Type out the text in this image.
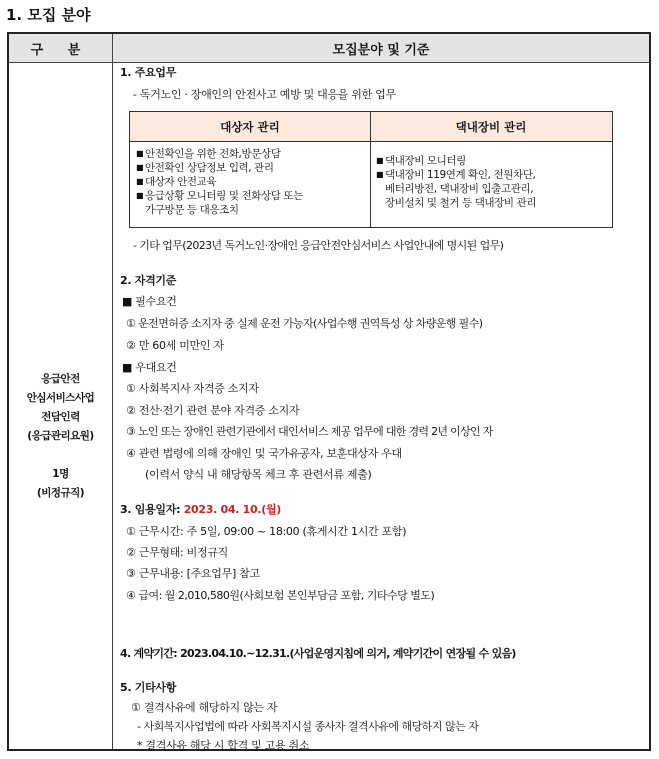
1. 모집 분야
구 분	모집분야 및 기준
응급안전
안심서비스사업
전담인력
(응급관리요원)
1명
(비정규직)
1. 주요업무
- 독거노인 · 장애인의 안전사고 예방 및 대응을 위한 업무
대상자 관리	댁내장비 관리
■ 안전확인을 위한 전화,방문상담
■ 안전확인 상담정보 입력, 관리
■ 대상자 안전교육
■ 응급상황 모니터링 및 전화상담 또는
가구방문 등 대응조치
■ 댁내장비 모니터링
■ 댁내장비 119연계 확인, 전원차단,
베터리방전, 댁내장비 입출고관리,
장비설치 및 철거 등 댁내장비 관리
- 기타 업무(2023년 독거노인·장애인 응급안전안심서비스 사업안내에 명시된 업무)
2. 자격기준
■ 필수요건
① 운전면허증 소지자 중 실제 운전 가능자(사업수행 권역특성 상 차량운행 필수)
② 만 60세 미만인 자
■ 우대요건
① 사회복지사 자격증 소지자
② 전산·전기 관련 분야 자격증 소지자
③ 노인 또는 장애인 관련기관에서 대인서비스 제공 업무에 대한 경력 2년 이상인 자
④ 관련 법령에 의해 장애인 및 국가유공자, 보훈대상자 우대
(이력서 양식 내 해당항목 체크 후 관련서류 제출)
3. 임용일자: 2023. 04. 10.(월)
① 근무시간: 주 5일, 09:00 ~ 18:00 (휴게시간 1시간 포함)
② 근무형태: 비정규직
③ 근무내용: [주요업무] 참고
④ 급여: 월 2,010,580원(사회보험 본인부담금 포함, 기타수당 별도)
4. 계약기간: 2023.04.10.~12.31.(사업운영지침에 의거, 계약기간이 연장될 수 있음)
5. 기타사항
① 결격사유에 해당하지 않는 자
- 사회복지사업법에 따라 사회복지시설 종사자 결격사유에 해당하지 않는 자
* 결격사유 해당 시 합격 및 고용 취소
